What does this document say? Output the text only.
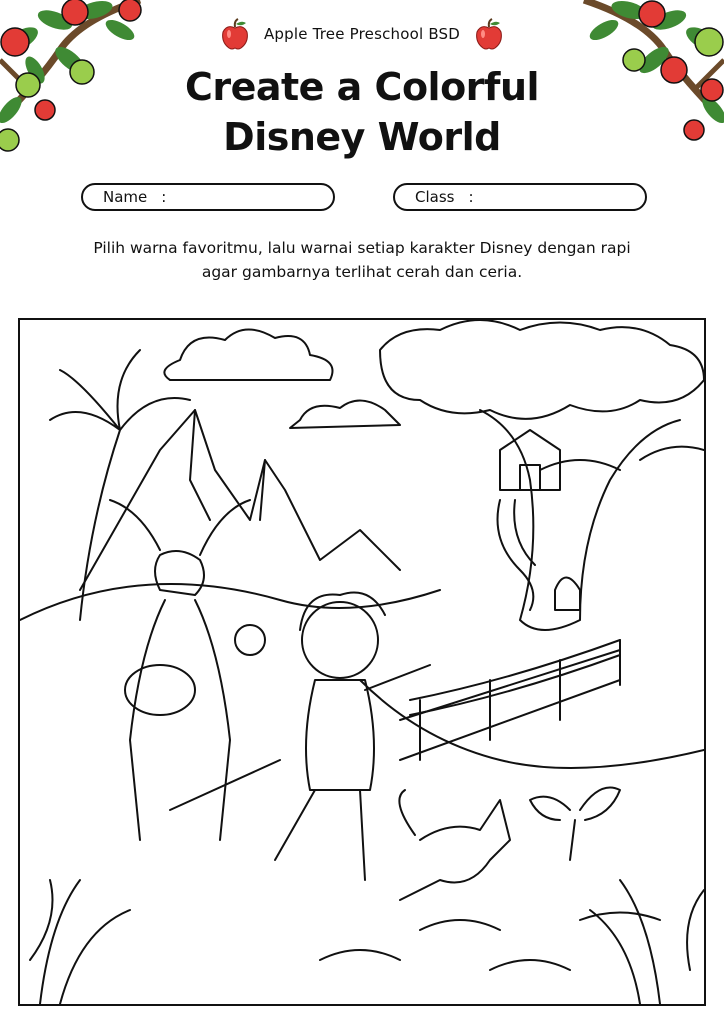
Apple Tree Preschool BSD
Create a Colorful
Disney World
Name :	Class :
Pilih warna favoritmu, lalu warnai setiap karakter Disney dengan rapi
agar gambarnya terlihat cerah dan ceria.
